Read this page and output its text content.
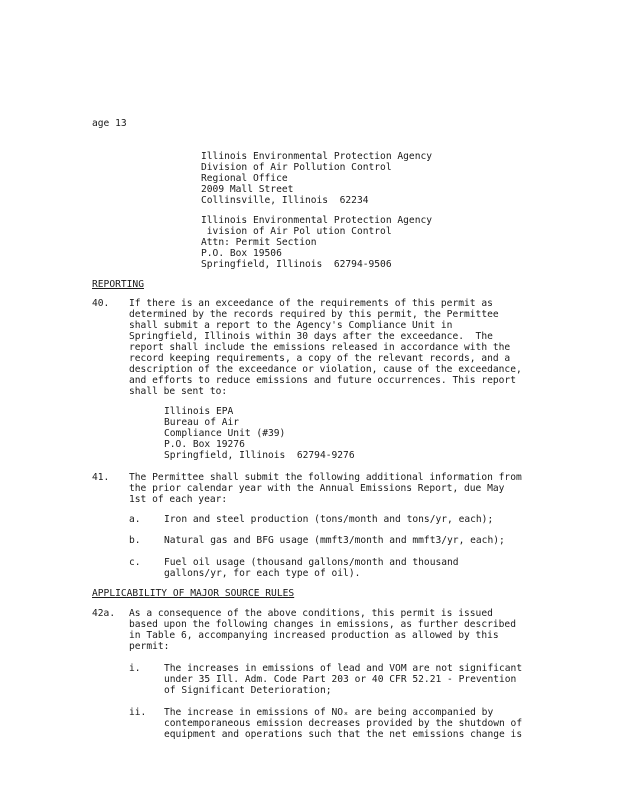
age 13
Illinois Environmental Protection Agency
Division of Air Pollution Control
Regional Office
2009 Mall Street
Collinsville, Illinois  62234
Illinois Environmental Protection Agency
ivision of Air Pol ution Control
Attn: Permit Section
P.O. Box 19506
Springfield, Illinois  62794-9506
REPORTING
40. If there is an exceedance of the requirements of this permit as
determined by the records required by this permit, the Permittee
shall submit a report to the Agency's Compliance Unit in
Springfield, Illinois within 30 days after the exceedance.  The
report shall include the emissions released in accordance with the
record keeping requirements, a copy of the relevant records, and a
description of the exceedance or violation, cause of the exceedance,
and efforts to reduce emissions and future occurrences. This report
shall be sent to:
Illinois EPA
Bureau of Air
Compliance Unit (#39)
P.O. Box 19276
Springfield, Illinois  62794-9276
41. The Permittee shall submit the following additional information from
the prior calendar year with the Annual Emissions Report, due May
1st of each year:
a. Iron and steel production (tons/month and tons/yr, each);
b. Natural gas and BFG usage (mmft3/month and mmft3/yr, each);
c. Fuel oil usage (thousand gallons/month and thousand
gallons/yr, for each type of oil).
APPLICABILITY OF MAJOR SOURCE RULES
42a. As a consequence of the above conditions, this permit is issued
based upon the following changes in emissions, as further described
in Table 6, accompanying increased production as allowed by this
permit:
i. The increases in emissions of lead and VOM are not significant
under 35 Ill. Adm. Code Part 203 or 40 CFR 52.21 - Prevention
of Significant Deterioration;
ii. The increase in emissions of NOₓ are being accompanied by
contemporaneous emission decreases provided by the shutdown of
equipment and operations such that the net emissions change is
